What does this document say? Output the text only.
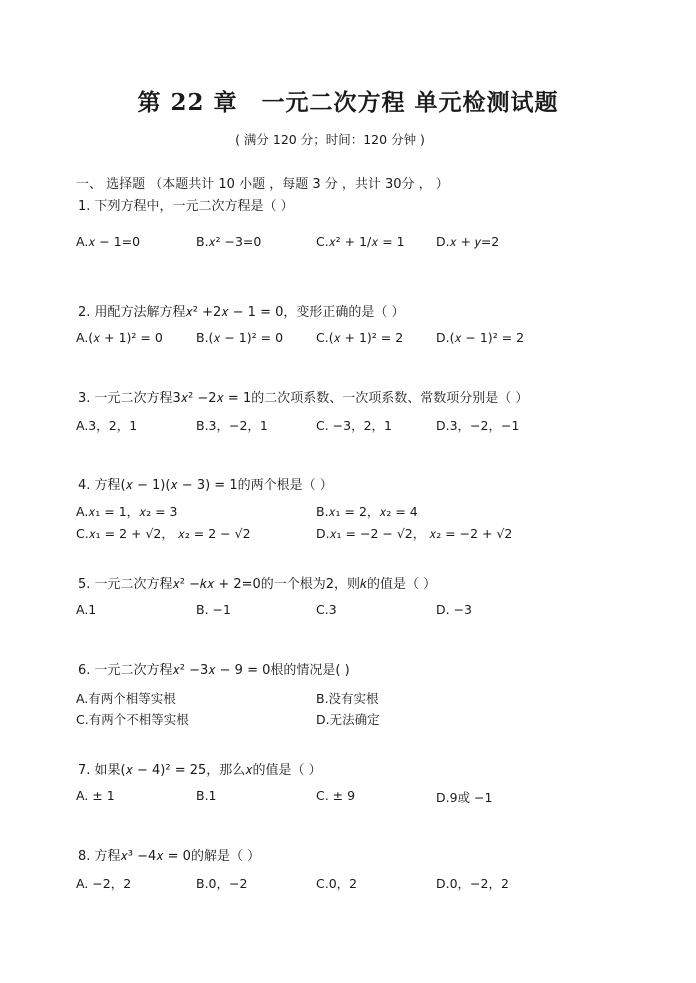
第 22 章　一元二次方程 单元检测试题
( 满分 120 分；时间：120 分钟 )
一、 选择题 （本题共计 10 小题 ，每题 3 分 ，共计 30分 ， ）
1. 下列方程中，一元二次方程是（ ）
A.𝑥 − 1=0	B.𝑥² −3=0	C.𝑥² + 1/𝑥 = 1	D.𝑥 + 𝑦=2
2. 用配方法解方程𝑥² +2𝑥 − 1 = 0，变形正确的是（ ）
A.(𝑥 + 1)² = 0	B.(𝑥 − 1)² = 0	C.(𝑥 + 1)² = 2	D.(𝑥 − 1)² = 2
3. 一元二次方程3𝑥² −2𝑥 = 1的二次项系数、一次项系数、常数项分别是（ ）
A.3，2，1	B.3，−2，1	C. −3，2，1	D.3，−2，−1
4. 方程(𝑥 − 1)(𝑥 − 3) = 1的两个根是（ ）
A.𝑥₁ = 1，𝑥₂ = 3	B.𝑥₁ = 2，𝑥₂ = 4
C.𝑥₁ = 2 + √2， 𝑥₂ = 2 − √2	D.𝑥₁ = −2 − √2， 𝑥₂ = −2 + √2
5. 一元二次方程𝑥² −𝑘𝑥 + 2=0的一个根为2，则𝑘的值是（ ）
A.1	B. −1	C.3	D. −3
6. 一元二次方程𝑥² −3𝑥 − 9 = 0根的情况是( )
A.有两个相等实根	B.没有实根
C.有两个不相等实根	D.无法确定
7. 如果(𝑥 − 4)² = 25，那么𝑥的值是（ ）
A. ± 1	B.1	C. ± 9	D.9或 −1
8. 方程𝑥³ −4𝑥 = 0的解是（ ）
A. −2，2	B.0，−2	C.0，2	D.0，−2，2
